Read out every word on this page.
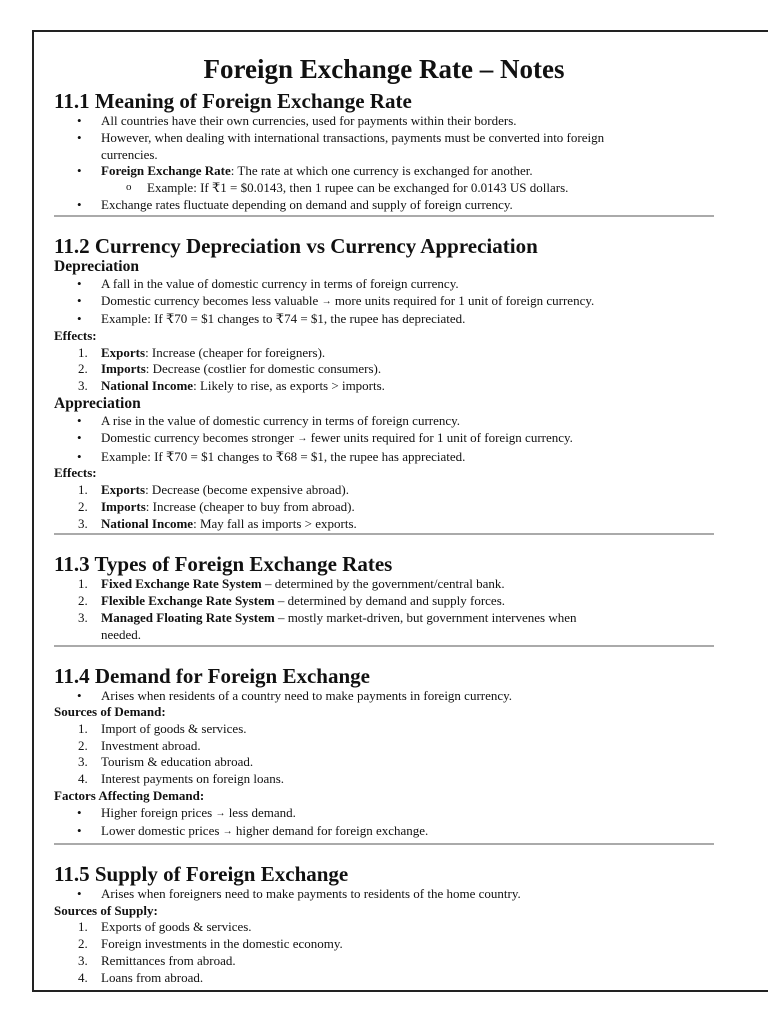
Foreign Exchange Rate – Notes
11.1 Meaning of Foreign Exchange Rate
• All countries have their own currencies, used for payments within their borders.
• However, when dealing with international transactions, payments must be converted into foreign
currencies.
• Foreign Exchange Rate: The rate at which one currency is exchanged for another.
o Example: If ₹1 = $0.0143, then 1 rupee can be exchanged for 0.0143 US dollars.
• Exchange rates fluctuate depending on demand and supply of foreign currency.
11.2 Currency Depreciation vs Currency Appreciation
Depreciation
• A fall in the value of domestic currency in terms of foreign currency.
• Domestic currency becomes less valuable → more units required for 1 unit of foreign currency.
• Example: If ₹70 = $1 changes to ₹74 = $1, the rupee has depreciated.
Effects:
1. Exports: Increase (cheaper for foreigners).
2. Imports: Decrease (costlier for domestic consumers).
3. National Income: Likely to rise, as exports > imports.
Appreciation
• A rise in the value of domestic currency in terms of foreign currency.
• Domestic currency becomes stronger → fewer units required for 1 unit of foreign currency.
• Example: If ₹70 = $1 changes to ₹68 = $1, the rupee has appreciated.
Effects:
1. Exports: Decrease (become expensive abroad).
2. Imports: Increase (cheaper to buy from abroad).
3. National Income: May fall as imports > exports.
11.3 Types of Foreign Exchange Rates
1. Fixed Exchange Rate System – determined by the government/central bank.
2. Flexible Exchange Rate System – determined by demand and supply forces.
3. Managed Floating Rate System – mostly market-driven, but government intervenes when
needed.
11.4 Demand for Foreign Exchange
• Arises when residents of a country need to make payments in foreign currency.
Sources of Demand:
1. Import of goods & services.
2. Investment abroad.
3. Tourism & education abroad.
4. Interest payments on foreign loans.
Factors Affecting Demand:
• Higher foreign prices → less demand.
• Lower domestic prices → higher demand for foreign exchange.
11.5 Supply of Foreign Exchange
• Arises when foreigners need to make payments to residents of the home country.
Sources of Supply:
1. Exports of goods & services.
2. Foreign investments in the domestic economy.
3. Remittances from abroad.
4. Loans from abroad.
